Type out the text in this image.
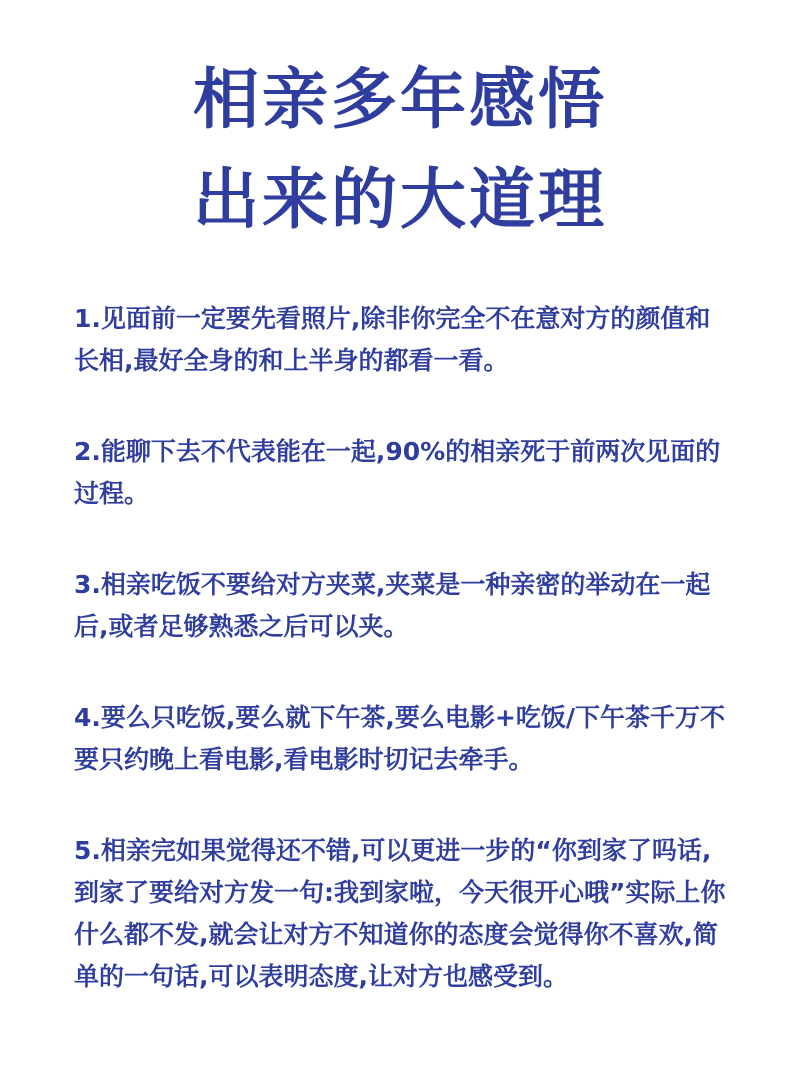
相亲多年感悟
出来的大道理

1.见面前一定要先看照片,除非你完全不在意对方的颜值和长相,最好全身的和上半身的都看一看。

2.能聊下去不代表能在一起,90%的相亲死于前两次见面的过程。

3.相亲吃饭不要给对方夹菜,夹菜是一种亲密的举动在一起后,或者足够熟悉之后可以夹。

4.要么只吃饭,要么就下午茶,要么电影+吃饭/下午茶千万不要只约晚上看电影,看电影时切记去牵手。

5.相亲完如果觉得还不错,可以更进一步的“你到家了吗话,到家了要给对方发一句:我到家啦，今天很开心哦”实际上你什么都不发,就会让对方不知道你的态度会觉得你不喜欢,简单的一句话,可以表明态度,让对方也感受到。
